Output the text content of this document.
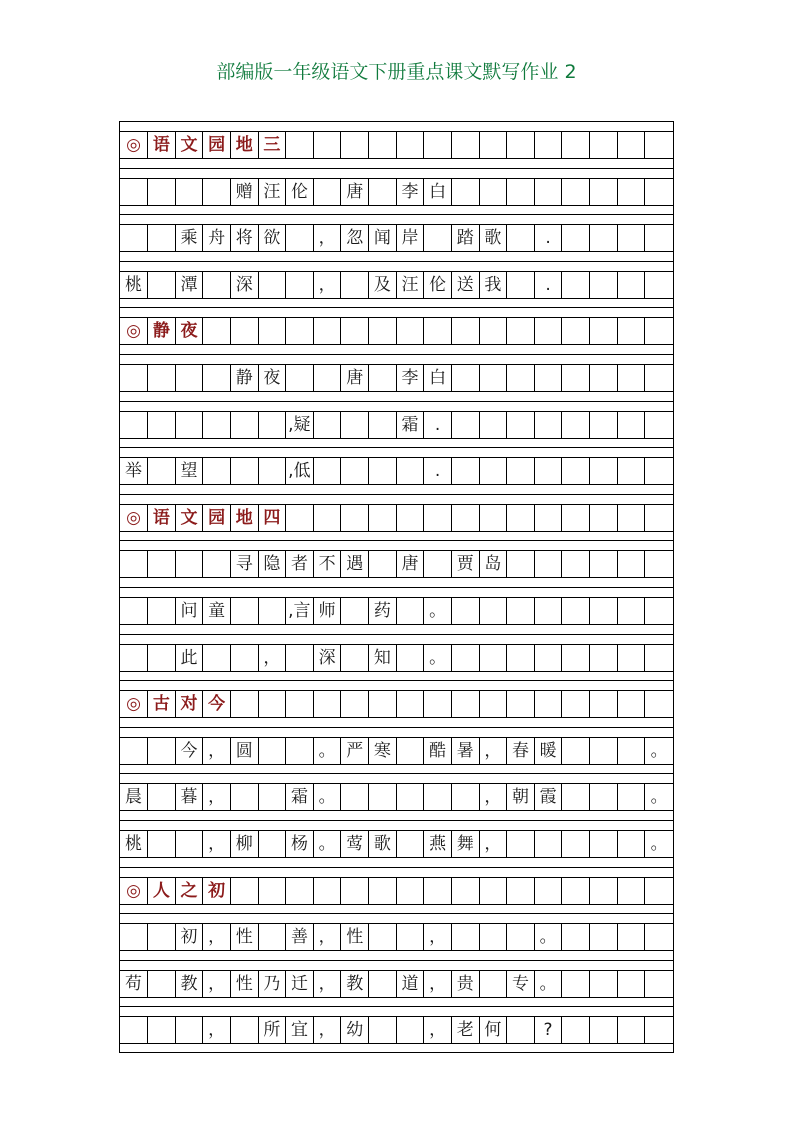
部编版一年级语文下册重点课文默写作业 2
◎ 语 文 园 地 三
赠 汪 伦	唐	李 白
乘 舟 将 欲	， 忽 闻 岸	踏 歌	.
桃	潭	深	，	及 汪 伦 送 我	.
◎ 静 夜
静 夜	唐	李 白
,疑	霜 .
举	望	,低	.
◎ 语 文 园 地 四
寻 隐 者 不 遇	唐	贾 岛
问 童	,言 师	药	。
此	，	深	知	。
◎ 古 对 今
今 ， 圆	。 严 寒	酷 暑 ， 春 暖	。
晨	暮 ，	霜 。	， 朝 霞	。
桃	， 柳	杨 。 莺 歌	燕 舞 ，	。
◎ 人 之 初
初 ， 性	善 ， 性	，	。
苟	教 ， 性 乃 迁 ， 教	道 ， 贵	专 。
，	所 宜 ， 幼	， 老 何	?
